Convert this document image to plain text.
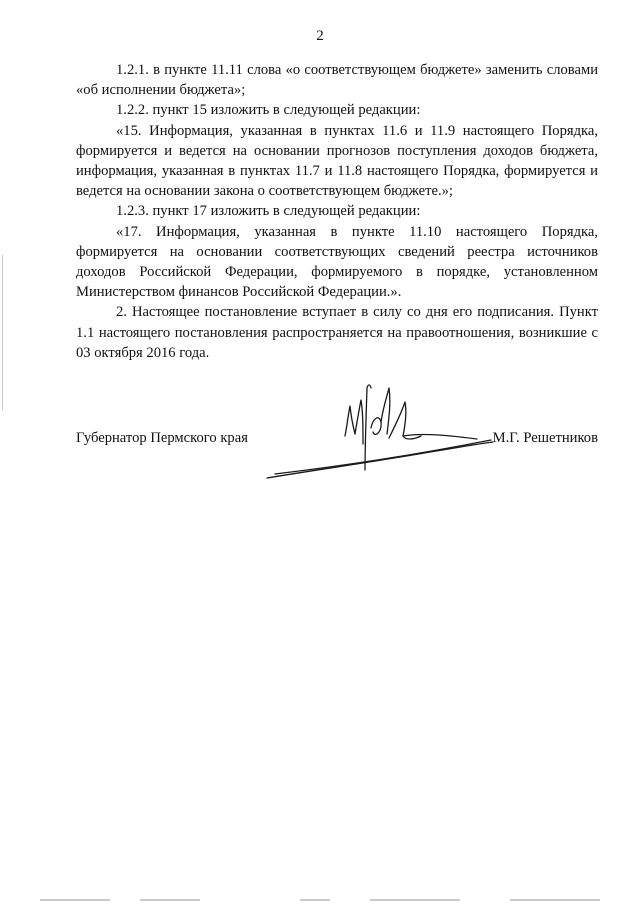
2

1.2.1. в пункте 11.11 слова «о соответствующем бюджете» заменить словами «об исполнении бюджета»;

1.2.2. пункт 15 изложить в следующей редакции:

«15. Информация, указанная в пунктах 11.6 и 11.9 настоящего Порядка, формируется и ведется на основании прогнозов поступления доходов бюджета, информация, указанная в пунктах 11.7 и 11.8 настоящего Порядка, формируется и ведется на основании закона о соответствующем бюджете.»;

1.2.3. пункт 17 изложить в следующей редакции:

«17. Информация, указанная в пункте 11.10 настоящего Порядка, формируется на основании соответствующих сведений реестра источников доходов Российской Федерации, формируемого в порядке, установленном Министерством финансов Российской Федерации.».

2. Настоящее постановление вступает в силу со дня его подписания. Пункт 1.1 настоящего постановления распространяется на правоотношения, возникшие с 03 октября 2016 года.

Губернатор Пермского края	М.Г. Решетников
